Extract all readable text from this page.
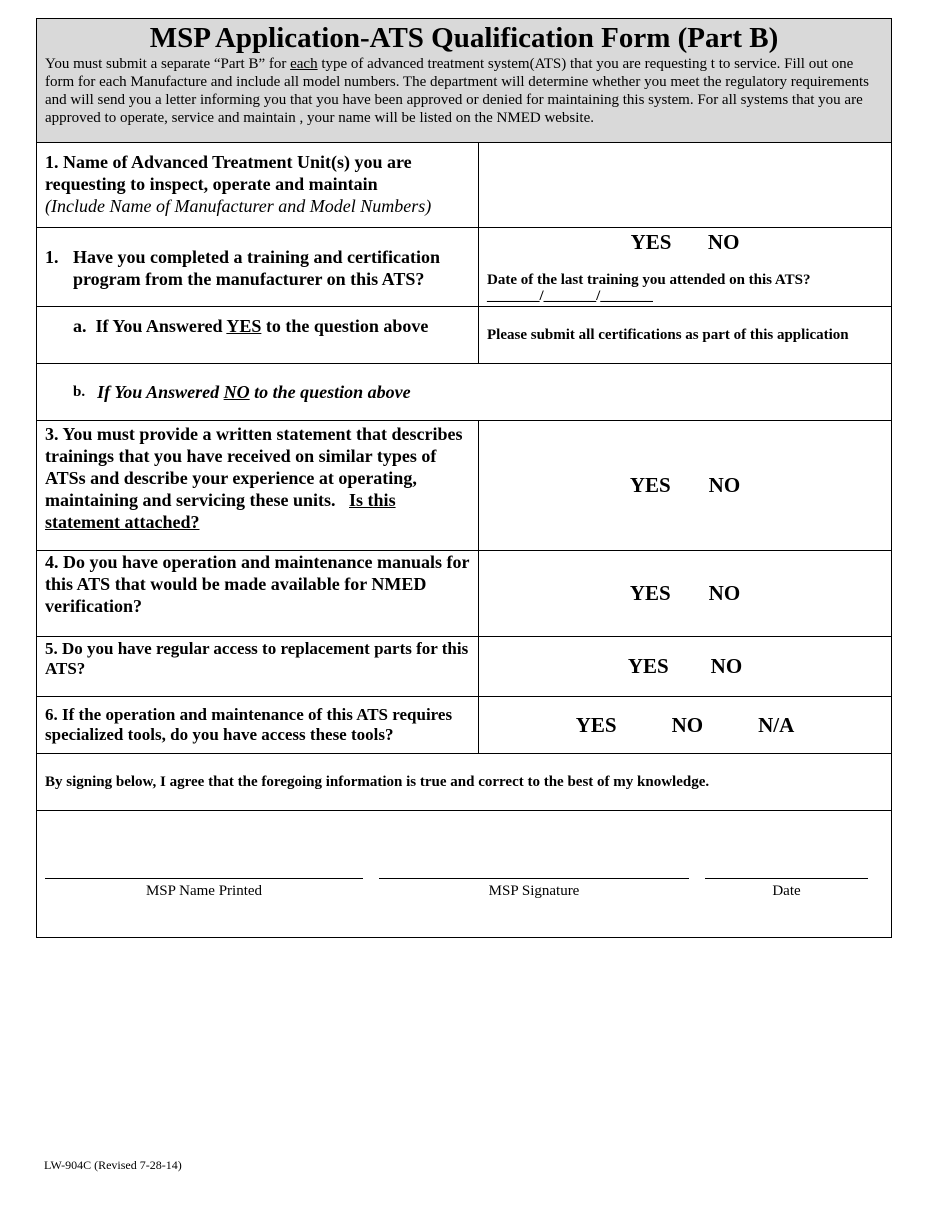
MSP Application-ATS Qualification Form (Part B)
You must submit a separate “Part B” for each type of advanced treatment system(ATS) that you are requesting t to service. Fill out one form for each Manufacture and include all model numbers. The department will determine whether you meet the regulatory requirements and will send you a letter informing you that you have been approved or denied for maintaining this system. For all systems that you are approved to operate, service and maintain , your name will be listed on the NMED website.
1. Name of Advanced Treatment Unit(s) you are requesting to inspect, operate and maintain
(Include Name of Manufacturer and Model Numbers)
1. Have you completed a training and certification program from the manufacturer on this ATS?
YES NO
Date of the last training you attended on this ATS?
_______/_______/_______
a. If You Answered YES to the question above	Please submit all certifications as part of this application
b.
If You Answered NO to the question above
3. You must provide a written statement that describes trainings that you have received on similar types of ATSs and describe your experience at operating, maintaining and servicing these units. Is this statement attached?
YES NO
4. Do you have operation and maintenance manuals for this ATS that would be made available for NMED verification?
YES NO
5. Do you have regular access to replacement parts for this ATS?	YES NO
6. If the operation and maintenance of this ATS requires specialized tools, do you have access these tools?	YES	NO	N/A
By signing below, I agree that the foregoing information is true and correct to the best of my knowledge.
MSP Name Printed	MSP Signature	Date
LW-904C (Revised 7-28-14)
